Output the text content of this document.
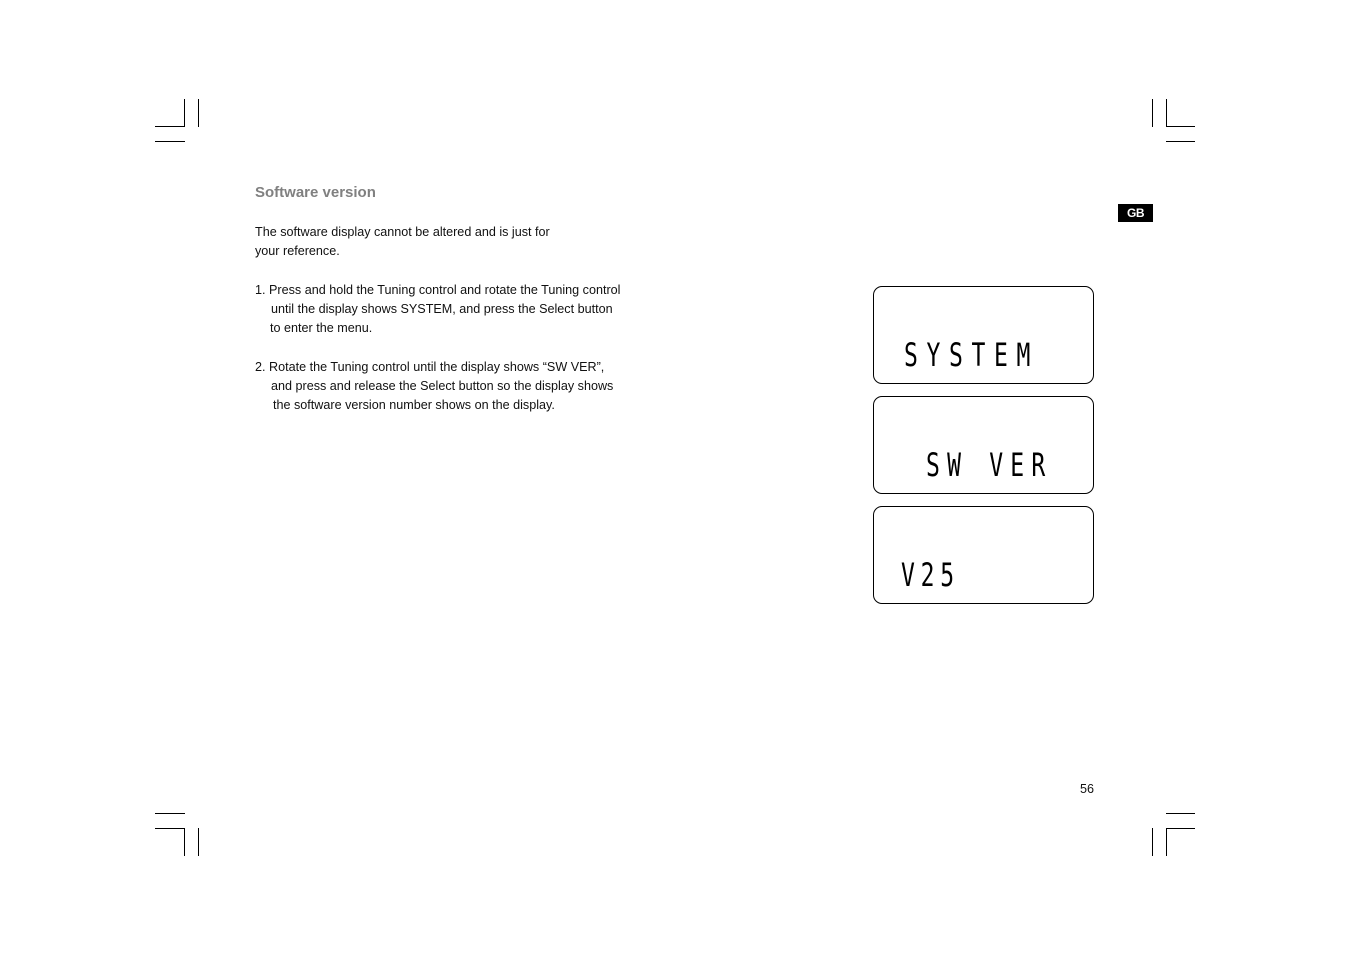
Software version
The software display cannot be altered and is just for
your reference.
1. Press and hold the Tuning control and rotate the Tuning control
until the display shows SYSTEM, and press the Select button
to enter the menu.
2. Rotate the Tuning control until the display shows “SW VER”,
and press and release the Select button so the display shows
the software version number shows on the display.
GB

SYSTEM

SW VER

V25

56
